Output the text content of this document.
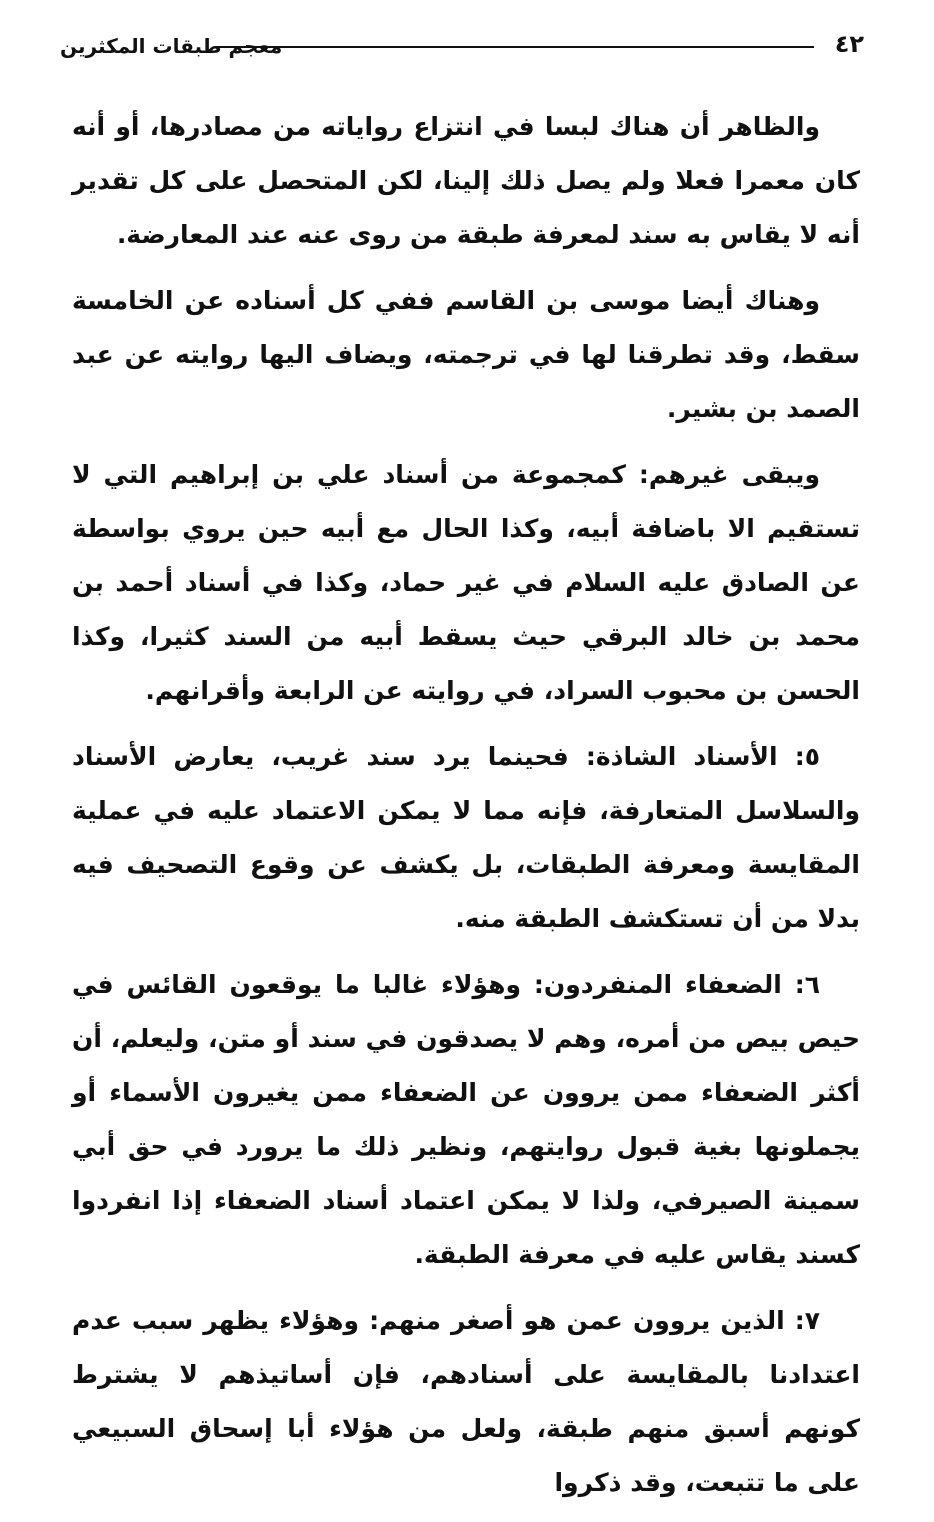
٤٢
معجم طبقات المكثرين

والظاهر أن هناك لبسا في انتزاع رواياته من مصادرها، أو أنه كان معمرا فعلا ولم يصل ذلك إلينا، لكن المتحصل على كل تقدير أنه لا يقاس به سند لمعرفة طبقة من روى عنه عند المعارضة.

وهناك أيضا موسى بن القاسم ففي كل أسناده عن الخامسة سقط، وقد تطرقنا لها في ترجمته، ويضاف اليها روايته عن عبد الصمد بن بشير.

ويبقى غيرهم: كمجموعة من أسناد علي بن إبراهيم التي لا تستقيم الا باضافة أبيه، وكذا الحال مع أبيه حين يروي بواسطة عن الصادق عليه السلام في غير حماد، وكذا في أسناد أحمد بن محمد بن خالد البرقي حيث يسقط أبيه من السند كثيرا، وكذا الحسن بن محبوب السراد، في روايته عن الرابعة وأقرانهم.

٥: الأسناد الشاذة: فحينما يرد سند غريب، يعارض الأسناد والسلاسل المتعارفة، فإنه مما لا يمكن الاعتماد عليه في عملية المقايسة ومعرفة الطبقات، بل يكشف عن وقوع التصحيف فيه بدلا من أن تستكشف الطبقة منه.

٦: الضعفاء المنفردون: وهؤلاء غالبا ما يوقعون القائس في حيص بيص من أمره، وهم لا يصدقون في سند أو متن، وليعلم، أن أكثر الضعفاء ممن يروون عن الضعفاء ممن يغيرون الأسماء أو يجملونها بغية قبول روايتهم، ونظير ذلك ما يرورد في حق أبي سمينة الصيرفي، ولذا لا يمكن اعتماد أسناد الضعفاء إذا انفردوا كسند يقاس عليه في معرفة الطبقة.

٧: الذين يروون عمن هو أصغر منهم: وهؤلاء يظهر سبب عدم اعتدادنا بالمقايسة على أسنادهم، فإن أساتيذهم لا يشترط كونهم أسبق منهم طبقة، ولعل من هؤلاء أبا إسحاق السبيعي على ما تتبعت، وقد ذكروا
